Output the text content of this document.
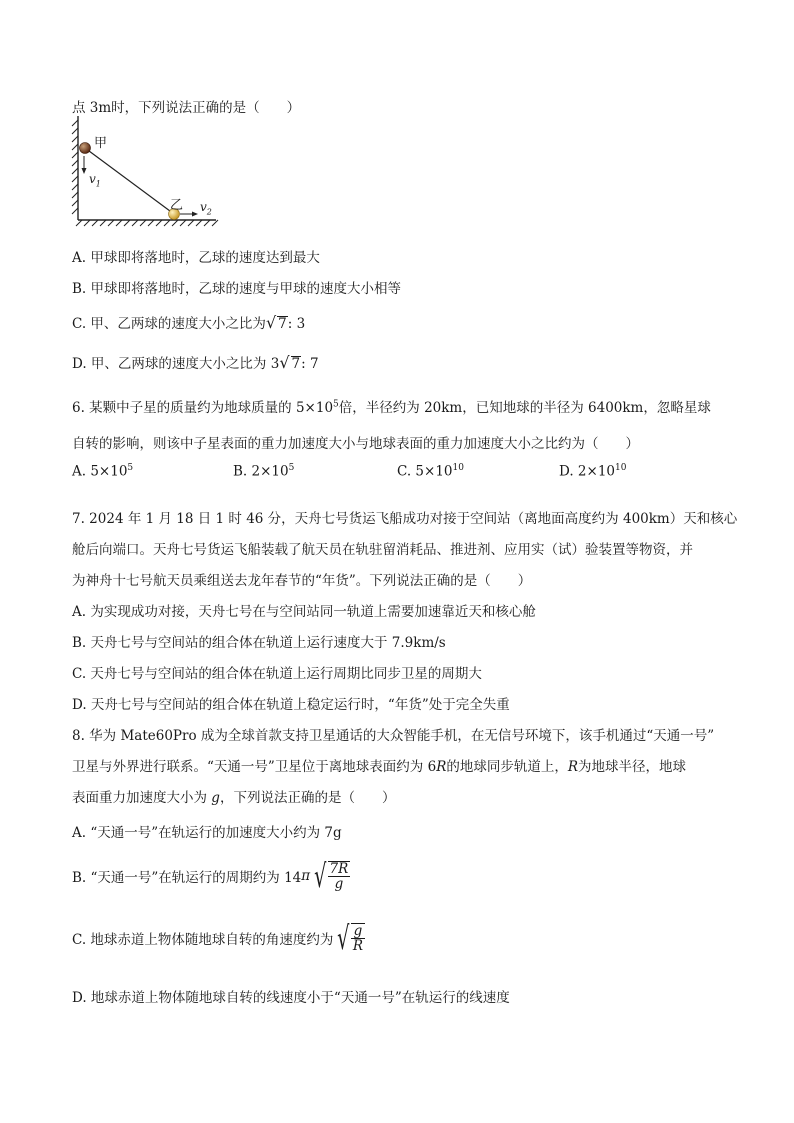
点 3m时，下列说法正确的是（　　）
甲
乙
$v_1$
$v_2$
A. 甲球即将落地时，乙球的速度达到最大
B. 甲球即将落地时，乙球的速度与甲球的速度大小相等
C. 甲、乙两球的速度大小之比为√ 7: 3
D. 甲、乙两球的速度大小之比为 3√ 7: 7
6. 某颗中子星的质量约为地球质量的 $5\times 10^5$倍，半径约为 20km，已知地球的半径为 6400km，忽略星球
自转的影响，则该中子星表面的重力加速度大小与地球表面的重力加速度大小之比约为（　　）
A. $5\times 10^5$	B. $2\times 10^5$	C. $5\times 10^{10}$	D. $2\times 10^{10}$
7. 2024 年 1 月 18 日 1 时 46 分，天舟七号货运飞船成功对接于空间站（离地面高度约为 400km）天和核心
舱后向端口。天舟七号货运飞船装载了航天员在轨驻留消耗品、推进剂、应用实（试）验装置等物资，并
为神舟十七号航天员乘组送去龙年春节的“年货”。下列说法正确的是（　　）
A. 为实现成功对接，天舟七号在与空间站同一轨道上需要加速靠近天和核心舱
B. 天舟七号与空间站的组合体在轨道上运行速度大于 7.9km/s
C. 天舟七号与空间站的组合体在轨道上运行周期比同步卫星的周期大
D. 天舟七号与空间站的组合体在轨道上稳定运行时，“年货”处于完全失重
8. 华为 Mate60Pro 成为全球首款支持卫星通话的大众智能手机，在无信号环境下，该手机通过“天通一号”
卫星与外界进行联系。“天通一号”卫星位于离地球表面约为 6R的地球同步轨道上，R为地球半径，地球
表面重力加速度大小为 g，下列说法正确的是（　　）
A. “天通一号”在轨运行的加速度大小约为 7g
B. “天通一号”在轨运行的周期约为 14π √ $\frac{7R}{g}$
C. 地球赤道上物体随地球自转的角速度约为 √ $\frac{g}{R}$
D. 地球赤道上物体随地球自转的线速度小于“天通一号”在轨运行的线速度
